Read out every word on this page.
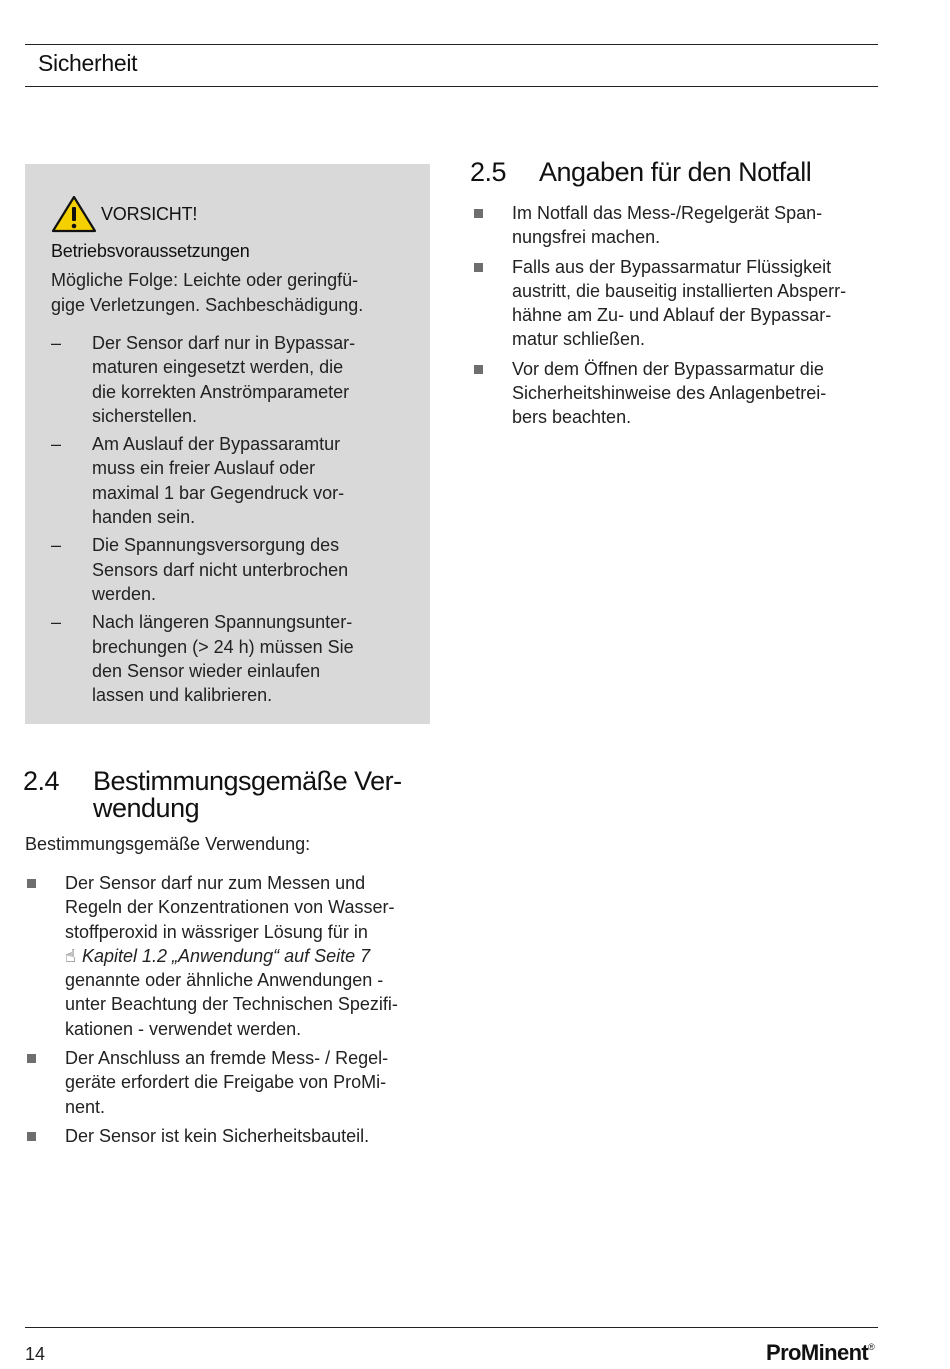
Sicherheit
VORSICHT!
Betriebsvoraussetzungen
Mögliche Folge: Leichte oder geringfü-
gige Verletzungen. Sachbeschädigung.
– Der Sensor darf nur in Bypassar-
maturen eingesetzt werden, die
die korrekten Anströmparameter
sicherstellen.
– Am Auslauf der Bypassaramtur
muss ein freier Auslauf oder
maximal 1 bar Gegendruck vor-
handen sein.
– Die Spannungsversorgung des
Sensors darf nicht unterbrochen
werden.
– Nach längeren Spannungsunter-
brechungen (> 24 h) müssen Sie
den Sensor wieder einlaufen
lassen und kalibrieren.
2.4 Bestimmungsgemäße Ver-
wendung
Bestimmungsgemäße Verwendung:
Der Sensor darf nur zum Messen und
Regeln der Konzentrationen von Wasser-
stoffperoxid in wässriger Lösung für in
☝ Kapitel 1.2 „Anwendung“ auf Seite 7
genannte oder ähnliche Anwendungen -
unter Beachtung der Technischen Spezifi-
kationen - verwendet werden.
Der Anschluss an fremde Mess- / Regel-
geräte erfordert die Freigabe von ProMi-
nent.
Der Sensor ist kein Sicherheitsbauteil.
2.5 Angaben für den Notfall
Im Notfall das Mess-/Regelgerät Span-
nungsfrei machen.
Falls aus der Bypassarmatur Flüssigkeit
austritt, die bauseitig installierten Absperr-
hähne am Zu- und Ablauf der Bypassar-
matur schließen.
Vor dem Öffnen der Bypassarmatur die
Sicherheitshinweise des Anlagenbetrei-
bers beachten.
14	ProMinent®
